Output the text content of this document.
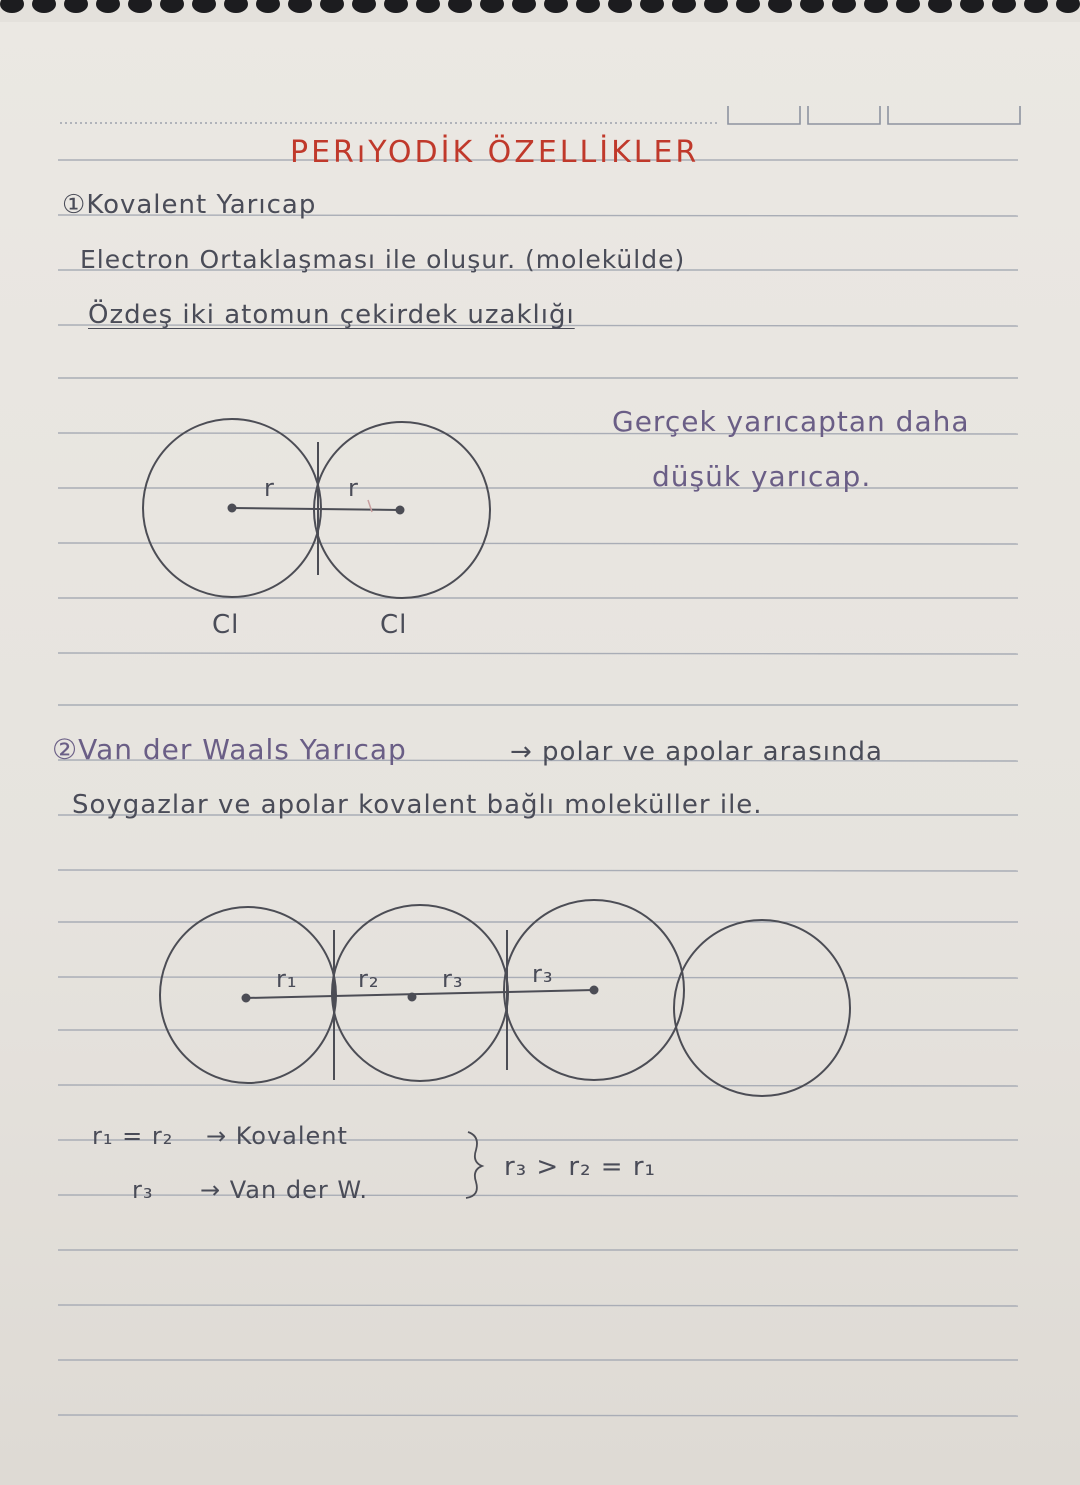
PERıYODİK ÖZELLİKLER
①Kovalent Yarıcap
Electron Ortaklaşması ile oluşur. (molekülde)
Özdeş iki atomun çekirdek uzaklığı
Gerçek yarıcaptan daha
düşük yarıcap.
r	r
Cl	Cl
②Van der Waals Yarıcap	→ polar ve apolar arasında
Soygazlar ve apolar kovalent bağlı moleküller ile.
r₁	r₂	r₃	r₃
r₁ = r₂ → Kovalent
r₃ → Van der W.
r₃ > r₂ = r₁
